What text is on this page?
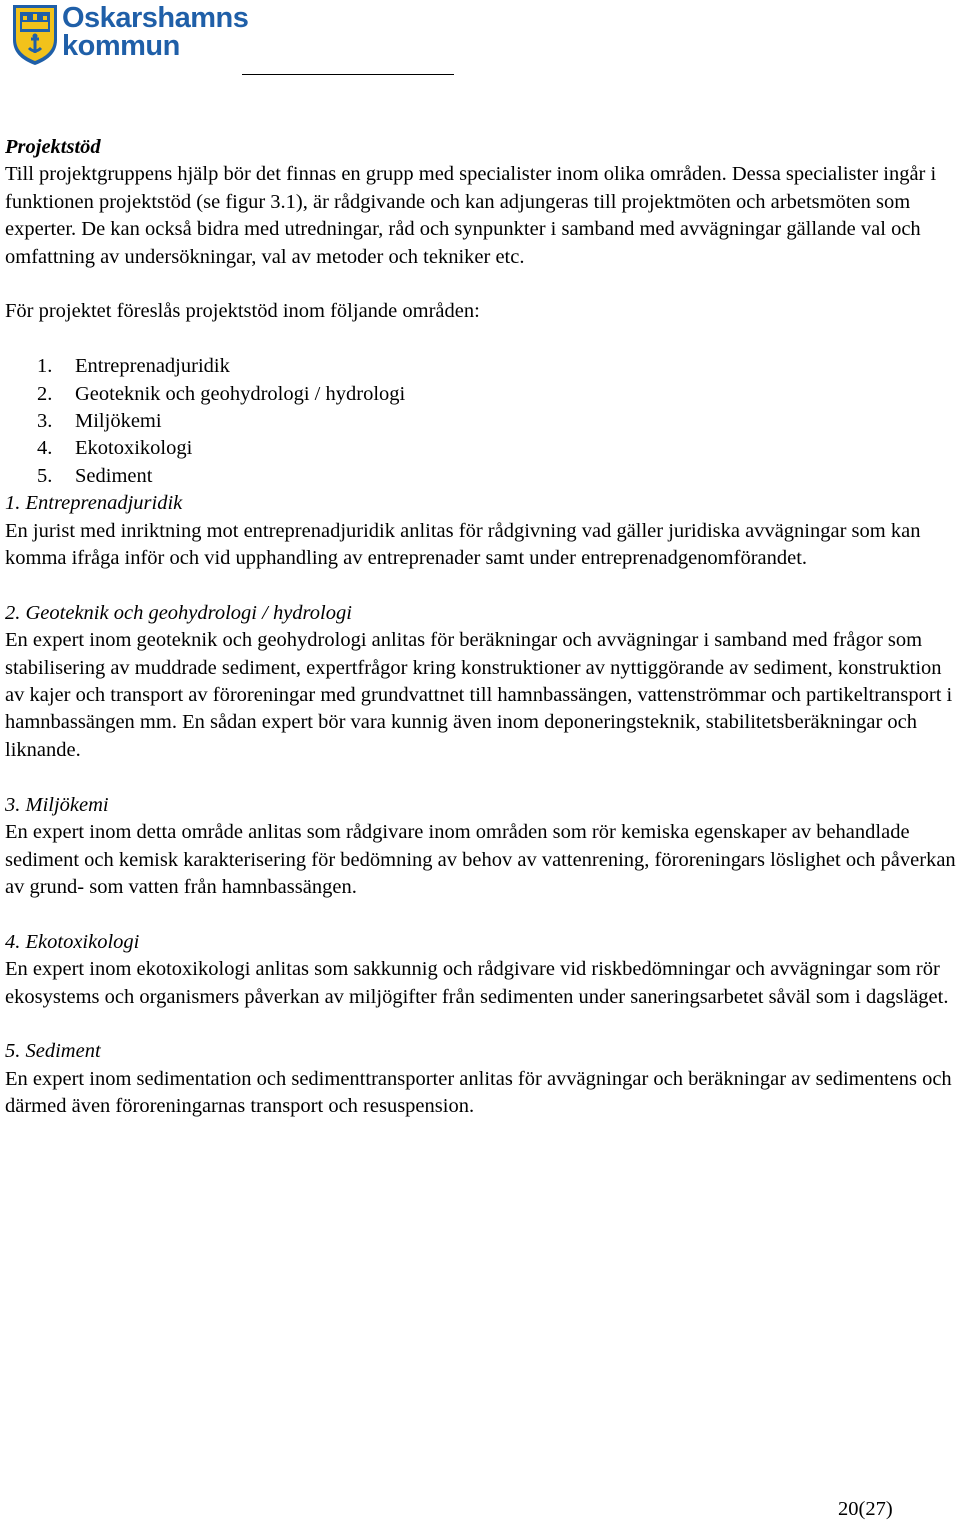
Oskarshamns
kommun

Projektstöd

Till projektgruppens hjälp bör det finnas en grupp med specialister inom olika områden. Dessa specialister ingår i funktionen projektstöd (se figur 3.1), är rådgivande och kan adjungeras till projektmöten och arbetsmöten som experter. De kan också bidra med utredningar, råd och synpunkter i samband med avvägningar gällande val och omfattning av undersökningar, val av metoder och tekniker etc.

För projektet föreslås projektstöd inom följande områden:

1. Entreprenadjuridik
2. Geoteknik och geohydrologi / hydrologi
3. Miljökemi
4. Ekotoxikologi
5. Sediment

1. Entreprenadjuridik

En jurist med inriktning mot entreprenadjuridik anlitas för rådgivning vad gäller juridiska avvägningar som kan komma ifråga inför och vid upphandling av entreprenader samt under entreprenadgenomförandet.

2. Geoteknik och geohydrologi / hydrologi

En expert inom geoteknik och geohydrologi anlitas för beräkningar och avvägningar i samband med frågor som stabilisering av muddrade sediment, expertfrågor kring konstruktioner av nyttiggörande av sediment, konstruktion av kajer och transport av föroreningar med grundvattnet till hamnbassängen, vattenströmmar och partikeltransport i hamnbassängen mm. En sådan expert bör vara kunnig även inom deponeringsteknik, stabilitetsberäkningar och liknande.

3. Miljökemi

En expert inom detta område anlitas som rådgivare inom områden som rör kemiska egenskaper av behandlade sediment och kemisk karakterisering för bedömning av behov av vattenrening, föroreningars löslighet och påverkan av grund- som vatten från hamnbassängen.

4. Ekotoxikologi

En expert inom ekotoxikologi anlitas som sakkunnig och rådgivare vid riskbedömningar och avvägningar som rör ekosystems och organismers påverkan av miljögifter från sedimenten under saneringsarbetet såväl som i dagsläget.

5. Sediment

En expert inom sedimentation och sedimenttransporter anlitas för avvägningar och beräkningar av sedimentens och därmed även föroreningarnas transport och resuspension.

20(27)
